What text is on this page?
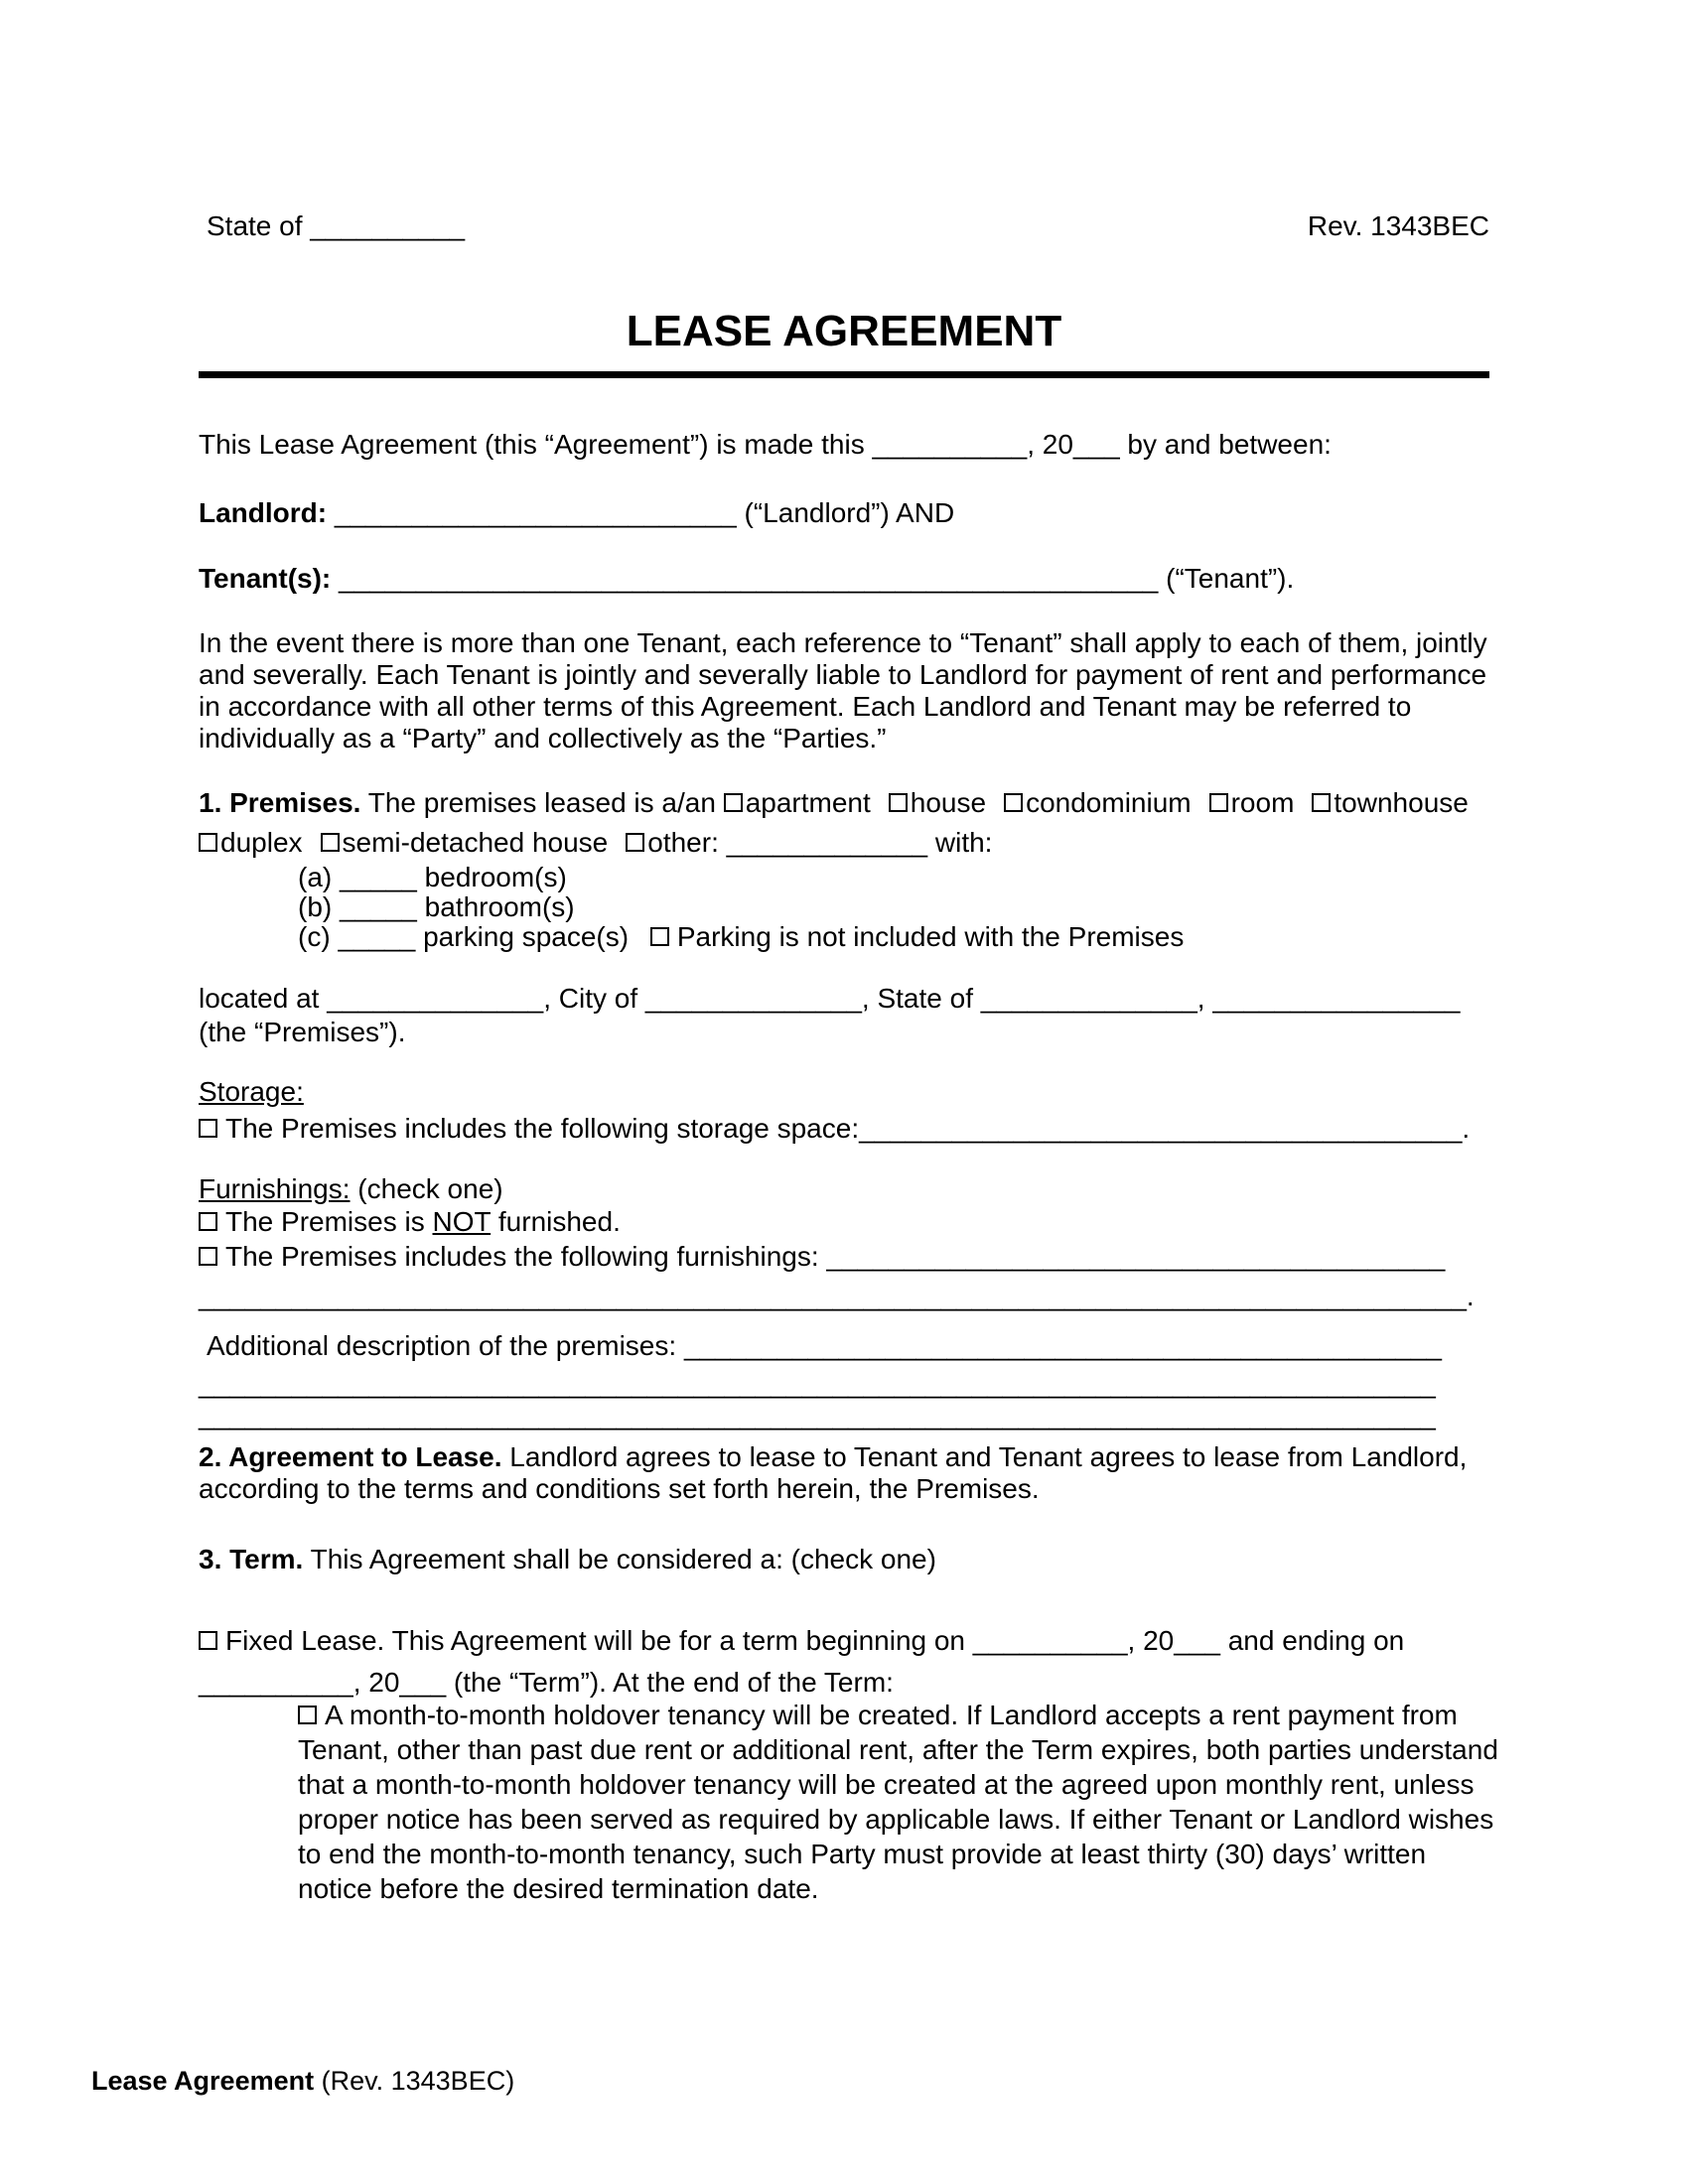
State of __________	Rev. 1343BEC
LEASE AGREEMENT
This Lease Agreement (this “Agreement”) is made this __________, 20___ by and between:
Landlord: __________________________ (“Landlord”) AND
Tenant(s): _____________________________________________________ (“Tenant”).
In the event there is more than one Tenant, each reference to “Tenant” shall apply to each of them, jointly and severally. Each Tenant is jointly and severally liable to Landlord for payment of rent and performance in accordance with all other terms of this Agreement. Each Landlord and Tenant may be referred to individually as a “Party” and collectively as the “Parties.”
1. Premises. The premises leased is a/an apartment house condominium room townhouse
duplex semi-detached house other: _____________ with:
(a) _____ bedroom(s)
(b) _____ bathroom(s)
(c) _____ parking space(s) Parking is not included with the Premises
located at ______________, City of ______________, State of ______________, ________________
(the “Premises”).
Storage:
The Premises includes the following storage space:_______________________________________.
Furnishings: (check one)
The Premises is NOT furnished.
The Premises includes the following furnishings: ________________________________________
__________________________________________________________________________________.
Additional description of the premises: _________________________________________________
________________________________________________________________________________
________________________________________________________________________________
2. Agreement to Lease. Landlord agrees to lease to Tenant and Tenant agrees to lease from Landlord, according to the terms and conditions set forth herein, the Premises.
3. Term. This Agreement shall be considered a: (check one)
Fixed Lease. This Agreement will be for a term beginning on __________, 20___ and ending on
__________, 20___ (the “Term”). At the end of the Term:
A month-to-month holdover tenancy will be created. If Landlord accepts a rent payment from Tenant, other than past due rent or additional rent, after the Term expires, both parties understand that a month-to-month holdover tenancy will be created at the agreed upon monthly rent, unless proper notice has been served as required by applicable laws. If either Tenant or Landlord wishes to end the month-to-month tenancy, such Party must provide at least thirty (30) days’ written notice before the desired termination date.
Lease Agreement (Rev. 1343BEC)
